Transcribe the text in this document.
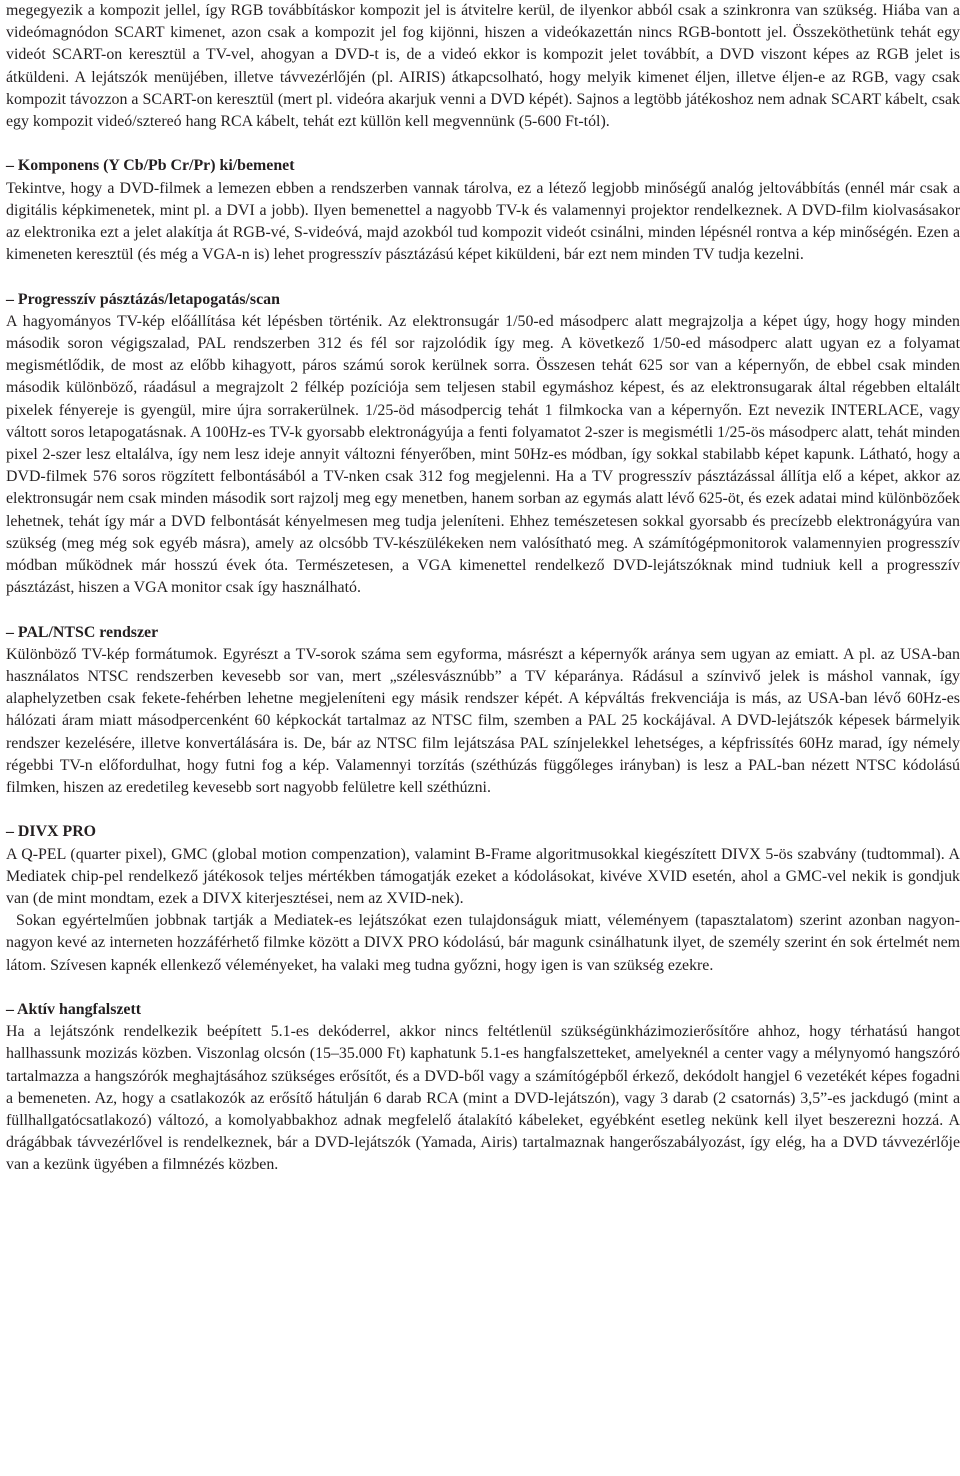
megegyezik a kompozit jellel, így RGB továbbításkor kompozit jel is átvitelre kerül, de ilyenkor abból csak a szinkronra van szükség. Hiába van a videómagnódon SCART kimenet, azon csak a kompozit jel fog kijönni, hiszen a videókazettán nincs RGB-bontott jel. Összeköthetünk tehát egy videót SCART-on keresztül a TV-vel, ahogyan a DVD-t is, de a videó ekkor is kompozit jelet továbbít, a DVD viszont képes az RGB jelet is átküldeni. A lejátszók menüjében, illetve távvezérlőjén (pl. AIRIS) átkapcsolható, hogy melyik kimenet éljen, illetve éljen-e az RGB, vagy csak kompozit távozzon a SCART-on keresztül (mert pl. videóra akarjuk venni a DVD képét). Sajnos a legtöbb játékoshoz nem adnak SCART kábelt, csak egy kompozit videó/sztereó hang RCA kábelt, tehát ezt küllön kell megvennünk (5-600 Ft-tól).

– Komponens (Y Cb/Pb Cr/Pr) ki/bemenet

Tekintve, hogy a DVD-filmek a lemezen ebben a rendszerben vannak tárolva, ez a létező legjobb minőségű analóg jeltovábbítás (ennél már csak a digitális képkimenetek, mint pl. a DVI a jobb). Ilyen bemenettel a nagyobb TV-k és valamennyi projektor rendelkeznek. A DVD-film kiolvasásakor az elektronika ezt a jelet alakítja át RGB-vé, S-videóvá, majd azokból tud kompozit videót csinálni, minden lépésnél rontva a kép minőségén. Ezen a kimeneten keresztül (és még a VGA-n is) lehet progresszív pásztázású képet kiküldeni, bár ezt nem minden TV tudja kezelni.

– Progresszív pásztázás/letapogatás/scan

A hagyományos TV-kép előállítása két lépésben történik. Az elektronsugár 1/50-ed másodperc alatt megrajzolja a képet úgy, hogy hogy minden második soron végigszalad, PAL rendszerben 312 és fél sor rajzolódik így meg. A következő 1/50-ed másodperc alatt ugyan ez a folyamat megismétlődik, de most az előbb kihagyott, páros számú sorok kerülnek sorra. Összesen tehát 625 sor van a képernyőn, de ebbel csak minden második különböző, ráadásul a megrajzolt 2 félkép pozíciója sem teljesen stabil egymáshoz képest, és az elektronsugarak által régebben eltalált pixelek fényereje is gyengül, mire újra sorrakerülnek. 1/25-öd másodpercig tehát 1 filmkocka van a képernyőn. Ezt nevezik INTERLACE, vagy váltott soros letapogatásnak. A 100Hz-es TV-k gyorsabb elektronágyúja a fenti folyamatot 2-szer is megismétli 1/25-ös másodperc alatt, tehát minden pixel 2-szer lesz eltalálva, így nem lesz ideje annyit változni fényerőben, mint 50Hz-es módban, így sokkal stabilabb képet kapunk. Látható, hogy a DVD-filmek 576 soros rögzített felbontásából a TV-nken csak 312 fog megjelenni. Ha a TV progresszív pásztázással állítja elő a képet, akkor az elektronsugár nem csak minden második sort rajzolj meg egy menetben, hanem sorban az egymás alatt lévő 625-öt, és ezek adatai mind különbözőek lehetnek, tehát így már a DVD felbontását kényelmesen meg tudja jeleníteni. Ehhez temészetesen sokkal gyorsabb és precízebb elektronágyúra van szükség (meg még sok egyéb másra), amely az olcsóbb TV-készülékeken nem valósítható meg. A számítógépmonitorok valamennyien progresszív módban működnek már hosszú évek óta. Természetesen, a VGA kimenettel rendelkező DVD-lejátszóknak mind tudniuk kell a progresszív pásztázást, hiszen a VGA monitor csak így használható.

– PAL/NTSC rendszer

Különböző TV-kép formátumok. Egyrészt a TV-sorok száma sem egyforma, másrészt a képernyők aránya sem ugyan az emiatt. A pl. az USA-ban használatos NTSC rendszerben kevesebb sor van, mert „szélesvásznúbb” a TV képaránya. Rádásul a színvivő jelek is máshol vannak, így alaphelyzetben csak fekete-fehérben lehetne megjeleníteni egy másik rendszer képét. A képváltás frekvenciája is más, az USA-ban lévő 60Hz-es hálózati áram miatt másodpercenként 60 képkockát tartalmaz az NTSC film, szemben a PAL 25 kockájával. A DVD-lejátszók képesek bármelyik rendszer kezelésére, illetve konvertálására is. De, bár az NTSC film lejátszása PAL színjelekkel lehetséges, a képfrissítés 60Hz marad, így némely régebbi TV-n előfordulhat, hogy futni fog a kép. Valamennyi torzítás (széthúzás függőleges irányban) is lesz a PAL-ban nézett NTSC kódolású filmken, hiszen az eredetileg kevesebb sort nagyobb felületre kell széthúzni.

– DIVX PRO

A Q-PEL (quarter pixel), GMC (global motion compenzation), valamint B-Frame algoritmusokkal kiegészített DIVX 5-ös szabvány (tudtommal). A Mediatek chip-pel rendelkező játékosok teljes mértékben támogatják ezeket a kódolásokat, kivéve XVID esetén, ahol a GMC-vel nekik is gondjuk van (de mint mondtam, ezek a DIVX kiterjesztései, nem az XVID-nek).

Sokan egyértelműen jobbnak tartják a Mediatek-es lejátszókat ezen tulajdonságuk miatt, véleményem (tapasztalatom) szerint azonban nagyon-nagyon kevé az interneten hozzáférhető filmke között a DIVX PRO kódolású, bár magunk csinálhatunk ilyet, de személy szerint én sok értelmét nem látom. Szívesen kapnék ellenkező véleményeket, ha valaki meg tudna győzni, hogy igen is van szükség ezekre.

– Aktív hangfalszett

Ha a lejátszónk rendelkezik beépített 5.1-es dekóderrel, akkor nincs feltétlenül szükségünkházimozierősítőre ahhoz, hogy térhatású hangot hallhassunk mozizás közben. Viszonlag olcsón (15–35.000 Ft) kaphatunk 5.1-es hangfalszetteket, amelyeknél a center vagy a mélynyomó hangszóró tartalmazza a hangszórók meghajtásához szükséges erősítőt, és a DVD-ből vagy a számítógépből érkező, dekódolt hangjel 6 vezetékét képes fogadni a bemeneten. Az, hogy a csatlakozók az erősítő hátulján 6 darab RCA (mint a DVD-lejátszón), vagy 3 darab (2 csatornás) 3,5”-es jackdugó (mint a füllhallgatócsatlakozó) változó, a komolyabbakhoz adnak megfelelő átalakító kábeleket, egyébként esetleg nekünk kell ilyet beszerezni hozzá. A drágábbak távvezérlővel is rendelkeznek, bár a DVD-lejátszók (Yamada, Airis) tartalmaznak hangerőszabályozást, így elég, ha a DVD távvezérlője van a kezünk ügyében a filmnézés közben.
